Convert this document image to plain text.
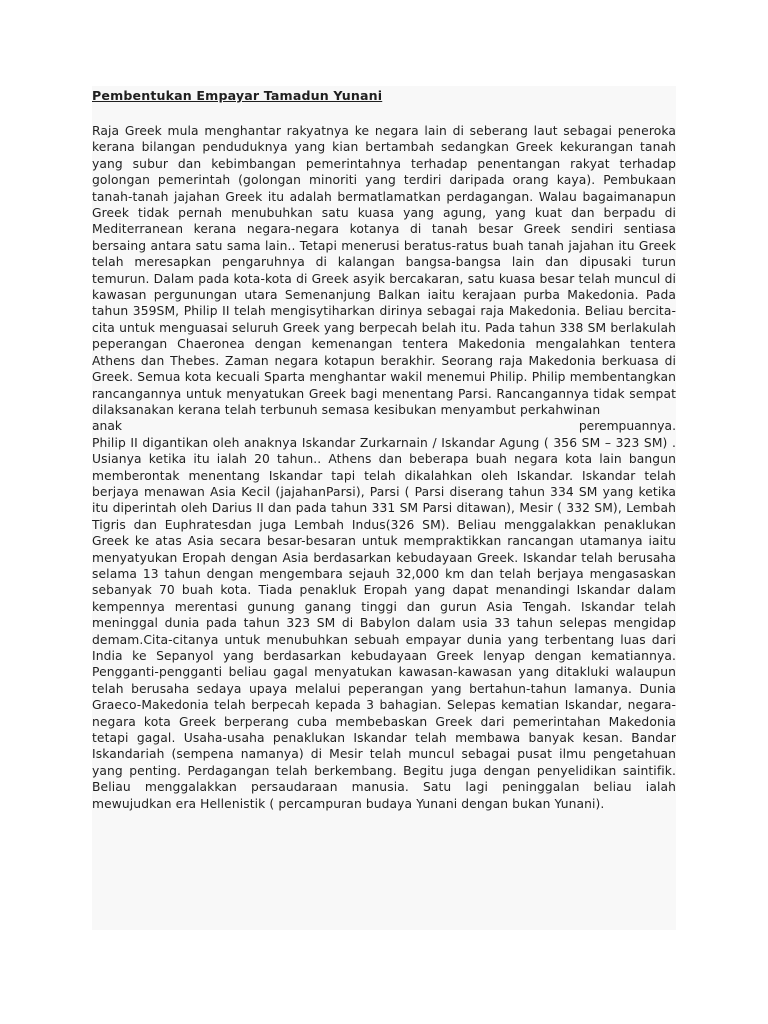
Pembentukan Empayar Tamadun Yunani

Raja Greek mula menghantar rakyatnya ke negara lain di seberang laut sebagai peneroka kerana bilangan penduduknya yang kian bertambah sedangkan Greek kekurangan tanah yang subur dan kebimbangan pemerintahnya terhadap penentangan rakyat terhadap golongan pemerintah (golongan minoriti yang terdiri daripada orang kaya). Pembukaan tanah-tanah jajahan Greek itu adalah bermatlamatkan perdagangan. Walau bagaimanapun Greek tidak pernah menubuhkan satu kuasa yang agung, yang kuat dan berpadu di Mediterranean kerana negara-negara kotanya di tanah besar Greek sendiri sentiasa bersaing antara satu sama lain.. Tetapi menerusi beratus-ratus buah tanah jajahan itu Greek telah meresapkan pengaruhnya di kalangan bangsa-bangsa lain dan dipusaki turun temurun. Dalam pada kota-kota di Greek asyik bercakaran, satu kuasa besar telah muncul di kawasan pergunungan utara Semenanjung Balkan iaitu kerajaan purba Makedonia. Pada tahun 359SM, Philip II telah mengisytiharkan dirinya sebagai raja Makedonia. Beliau bercita-cita untuk menguasai seluruh Greek yang berpecah belah itu. Pada tahun 338 SM berlakulah peperangan Chaeronea dengan kemenangan tentera Makedonia mengalahkan tentera Athens dan Thebes. Zaman negara kotapun berakhir. Seorang raja Makedonia berkuasa di Greek. Semua kota kecuali Sparta menghantar wakil menemui Philip. Philip membentangkan rancangannya untuk menyatukan Greek bagi menentang Parsi. Rancangannya tidak sempat dilaksanakan kerana telah terbunuh semasa kesibukan menyambut perkahwinan

anak	perempuannya.

Philip II digantikan oleh anaknya Iskandar Zurkarnain / Iskandar Agung ( 356 SM – 323 SM) . Usianya ketika itu ialah 20 tahun.. Athens dan beberapa buah negara kota lain bangun memberontak menentang Iskandar tapi telah dikalahkan oleh Iskandar. Iskandar telah berjaya menawan Asia Kecil (jajahanParsi), Parsi ( Parsi diserang tahun 334 SM yang ketika itu diperintah oleh Darius II dan pada tahun 331 SM Parsi ditawan), Mesir ( 332 SM), Lembah Tigris dan Euphratesdan juga Lembah Indus(326 SM). Beliau menggalakkan penaklukan Greek ke atas Asia secara besar-besaran untuk mempraktikkan rancangan utamanya iaitu menyatyukan Eropah dengan Asia berdasarkan kebudayaan Greek. Iskandar telah berusaha selama 13 tahun dengan mengembara sejauh 32,000 km dan telah berjaya mengasaskan sebanyak 70 buah kota. Tiada penakluk Eropah yang dapat menandingi Iskandar dalam kempennya merentasi gunung ganang tinggi dan gurun Asia Tengah. Iskandar telah meninggal dunia pada tahun 323 SM di Babylon dalam usia 33 tahun selepas mengidap demam.Cita-citanya untuk menubuhkan sebuah empayar dunia yang terbentang luas dari India ke Sepanyol yang berdasarkan kebudayaan Greek lenyap dengan kematiannya. Pengganti-pengganti beliau gagal menyatukan kawasan-kawasan yang ditakluki walaupun telah berusaha sedaya upaya melalui peperangan yang bertahun-tahun lamanya. Dunia Graeco-Makedonia telah berpecah kepada 3 bahagian. Selepas kematian Iskandar, negara-negara kota Greek berperang cuba membebaskan Greek dari pemerintahan Makedonia tetapi gagal. Usaha-usaha penaklukan Iskandar telah membawa banyak kesan. Bandar Iskandariah (sempena namanya) di Mesir telah muncul sebagai pusat ilmu pengetahuan yang penting. Perdagangan telah berkembang. Begitu juga dengan penyelidikan saintifik. Beliau menggalakkan persaudaraan manusia. Satu lagi peninggalan beliau ialah mewujudkan era Hellenistik ( percampuran budaya Yunani dengan bukan Yunani).
